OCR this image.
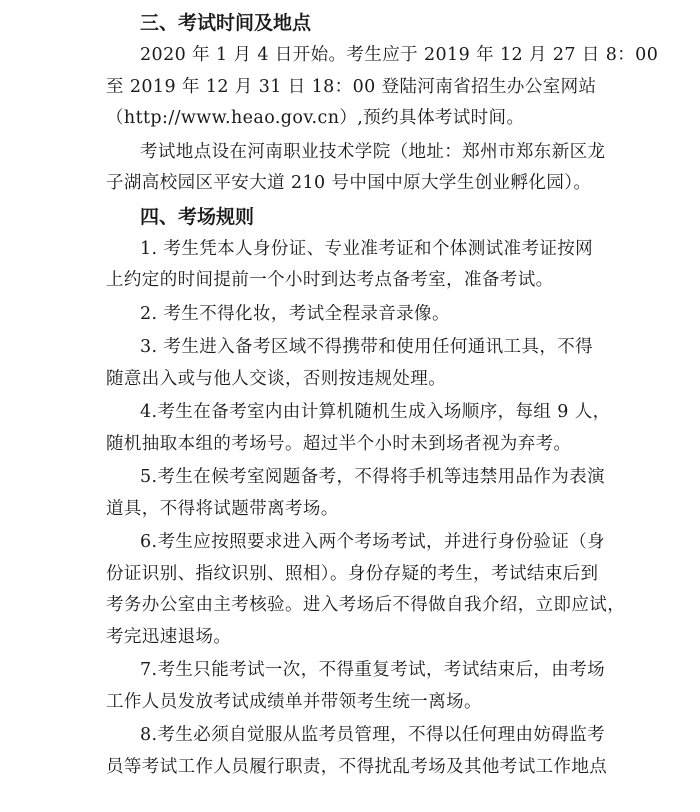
三、考试时间及地点
2020 年 1 月 4 日开始。考生应于 2019 年 12 月 27 日 8：00
至 2019 年 12 月 31 日 18：00 登陆河南省招生办公室网站
（http://www.heao.gov.cn）,预约具体考试时间。
考试地点设在河南职业技术学院（地址：郑州市郑东新区龙
子湖高校园区平安大道 210 号中国中原大学生创业孵化园）。
四、考场规则
1. 考生凭本人身份证、专业准考证和个体测试准考证按网
上约定的时间提前一个小时到达考点备考室，准备考试。
2. 考生不得化妆，考试全程录音录像。
3. 考生进入备考区域不得携带和使用任何通讯工具，不得
随意出入或与他人交谈，否则按违规处理。
4.考生在备考室内由计算机随机生成入场顺序，每组 9 人，
随机抽取本组的考场号。超过半个小时未到场者视为弃考。
5.考生在候考室阅题备考，不得将手机等违禁用品作为表演
道具，不得将试题带离考场。
6.考生应按照要求进入两个考场考试，并进行身份验证（身
份证识别、指纹识别、照相）。身份存疑的考生，考试结束后到
考务办公室由主考核验。进入考场后不得做自我介绍，立即应试，
考完迅速退场。
7.考生只能考试一次，不得重复考试，考试结束后，由考场
工作人员发放考试成绩单并带领考生统一离场。
8.考生必须自觉服从监考员管理，不得以任何理由妨碍监考
员等考试工作人员履行职责，不得扰乱考场及其他考试工作地点
